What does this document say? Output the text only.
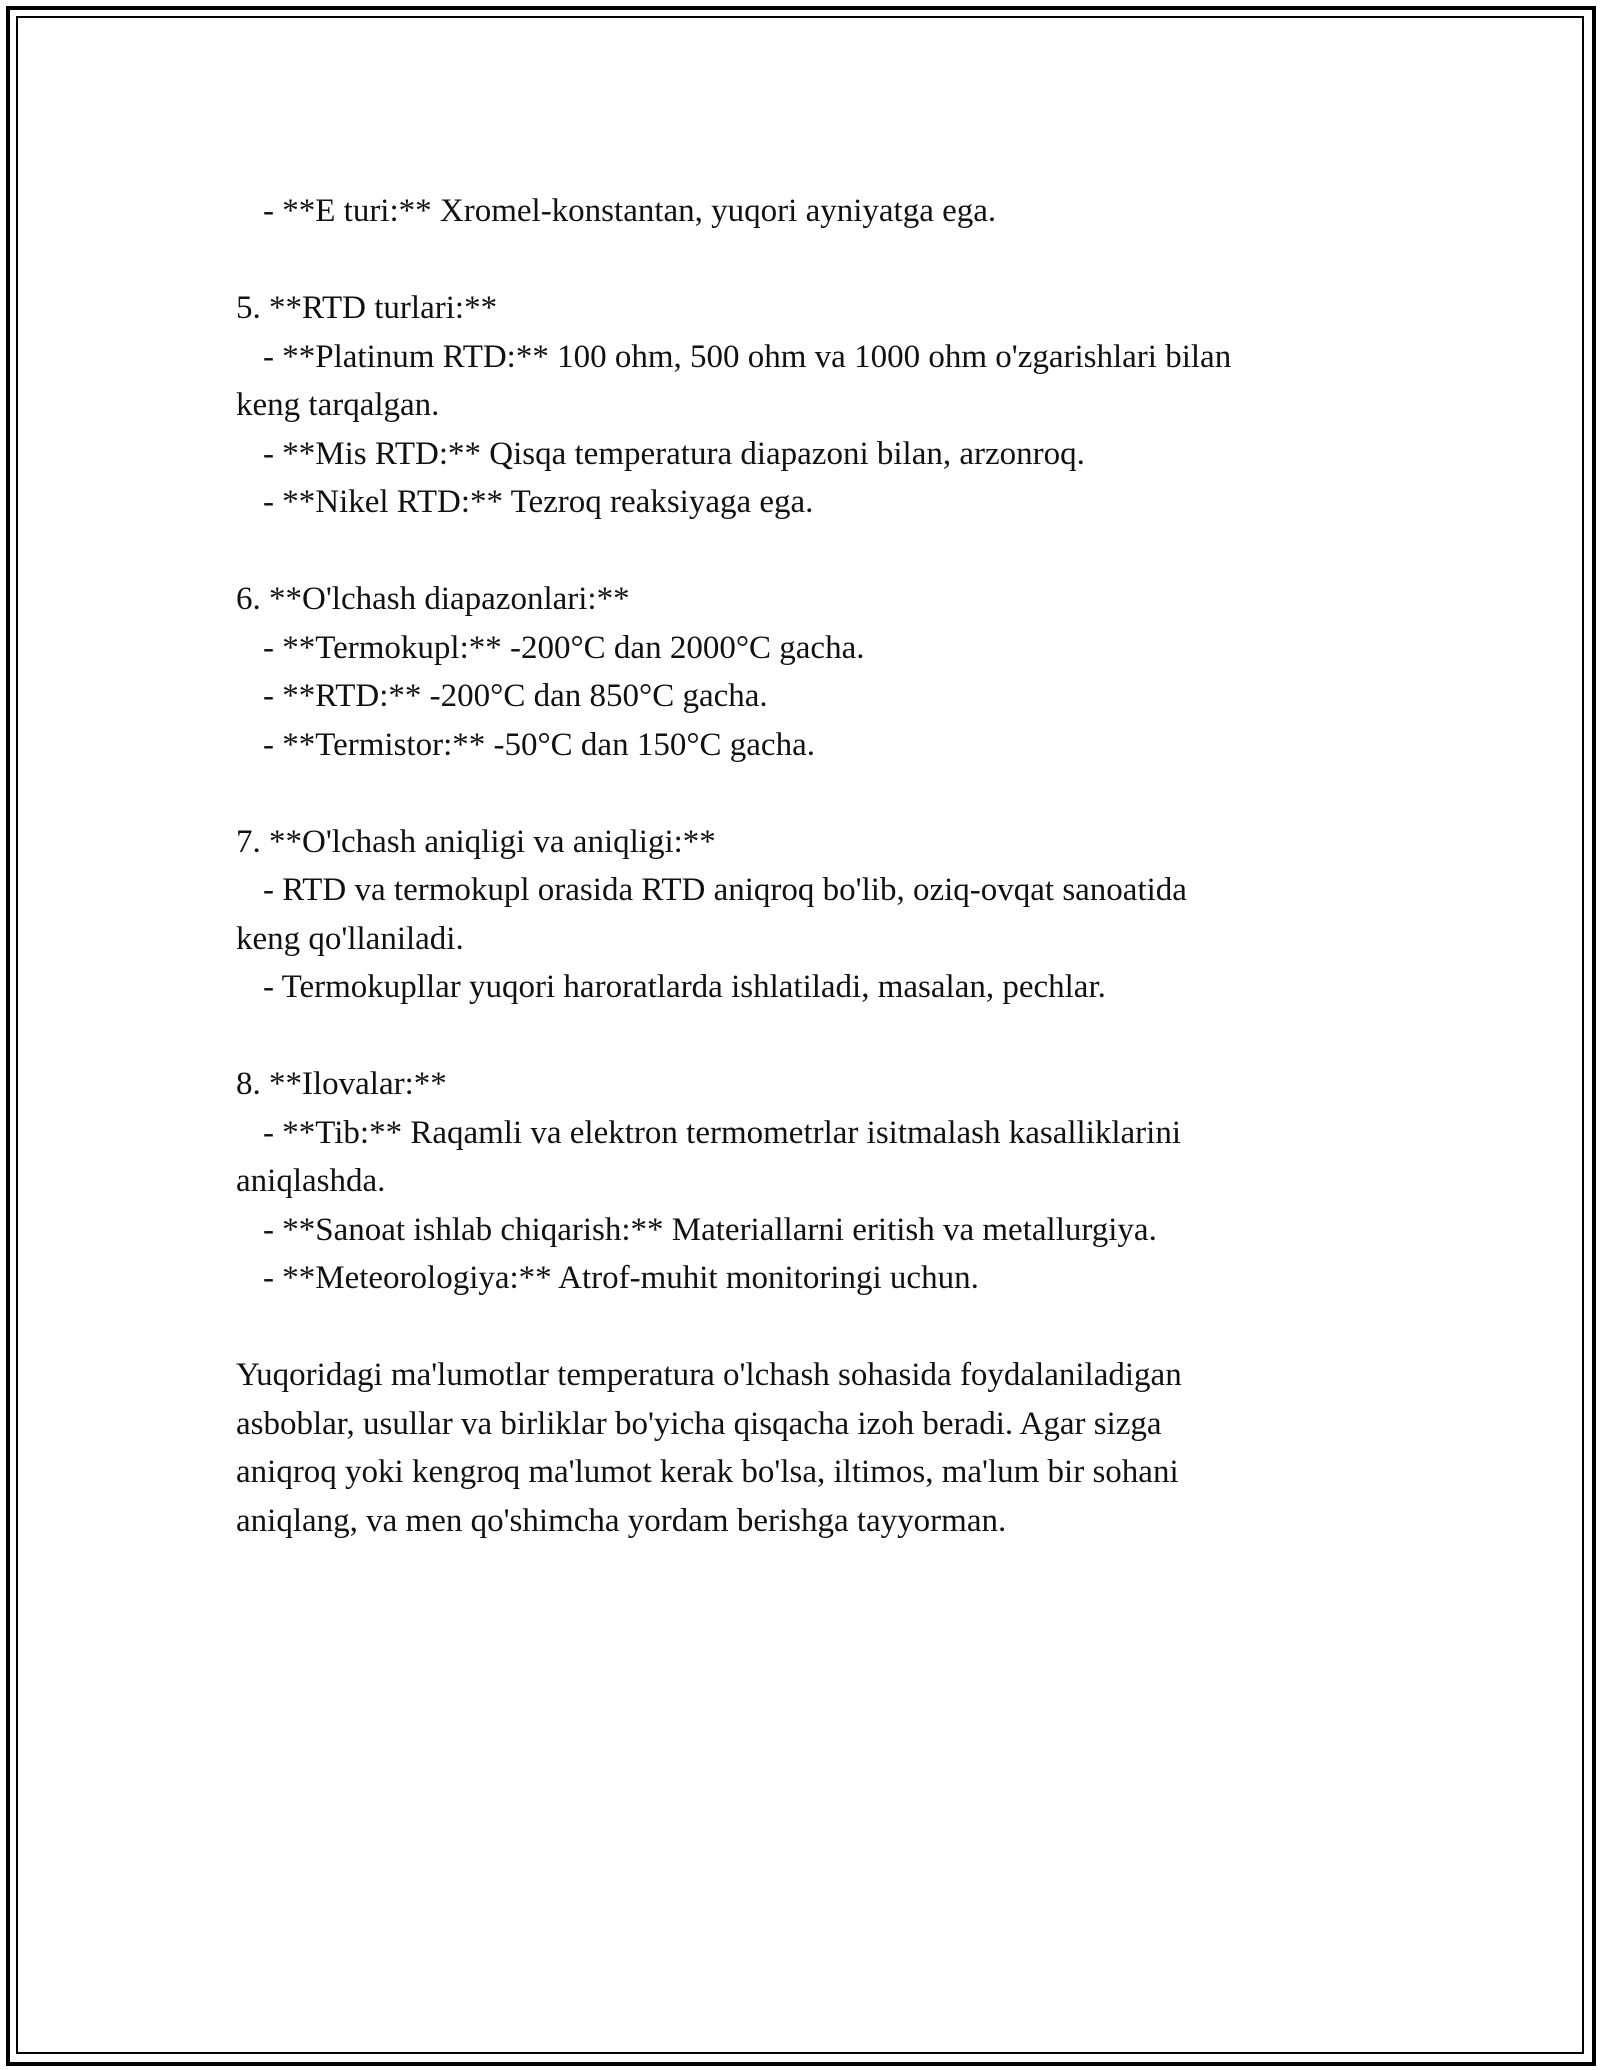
- **E turi:** Xromel-konstantan, yuqori ayniyatga ega.

5. **RTD turlari:**

- **Platinum RTD:** 100 ohm, 500 ohm va 1000 ohm o'zgarishlari bilan

keng tarqalgan.

- **Mis RTD:** Qisqa temperatura diapazoni bilan, arzonroq.

- **Nikel RTD:** Tezroq reaksiyaga ega.

6. **O'lchash diapazonlari:**

- **Termokupl:** -200°C dan 2000°C gacha.

- **RTD:** -200°C dan 850°C gacha.

- **Termistor:** -50°C dan 150°C gacha.

7. **O'lchash aniqligi va aniqligi:**

- RTD va termokupl orasida RTD aniqroq bo'lib, oziq-ovqat sanoatida

keng qo'llaniladi.

- Termokupllar yuqori haroratlarda ishlatiladi, masalan, pechlar.

8. **Ilovalar:**

- **Tib:** Raqamli va elektron termometrlar isitmalash kasalliklarini

aniqlashda.

- **Sanoat ishlab chiqarish:** Materiallarni eritish va metallurgiya.

- **Meteorologiya:** Atrof-muhit monitoringi uchun.

Yuqoridagi ma'lumotlar temperatura o'lchash sohasida foydalaniladigan

asboblar, usullar va birliklar bo'yicha qisqacha izoh beradi. Agar sizga

aniqroq yoki kengroq ma'lumot kerak bo'lsa, iltimos, ma'lum bir sohani

aniqlang, va men qo'shimcha yordam berishga tayyorman.
